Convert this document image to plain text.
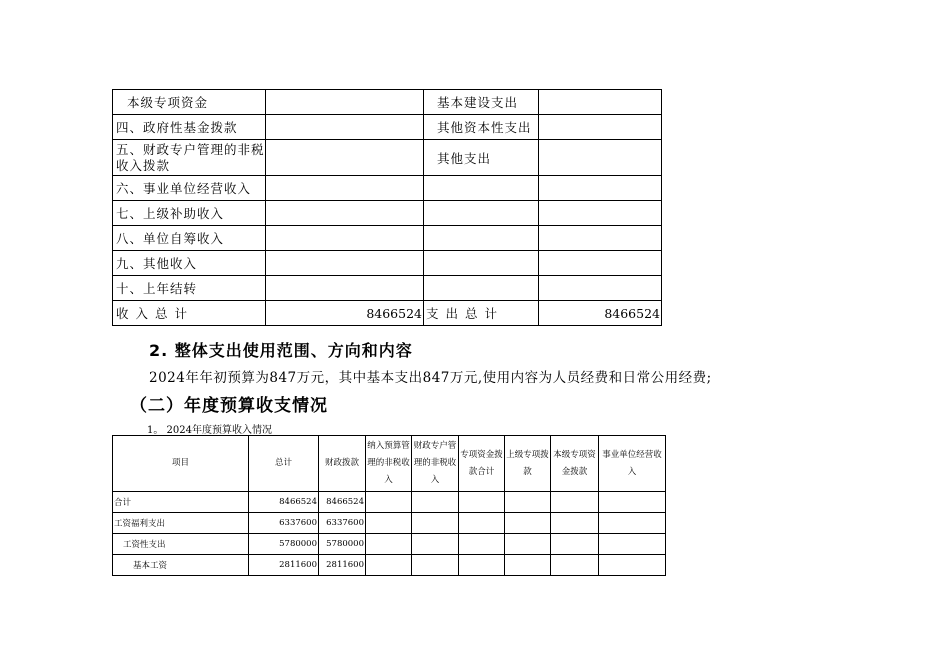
本级专项资金		基本建设支出	
四、政府性基金拨款		其他资本性支出	
五、财政专户管理的非税收入拨款		其他支出	
六、事业单位经营收入			
七、上级补助收入			
八、单位自筹收入			
九、其他收入			
十、上年结转			
收入总计	8466524	支出总计	8466524
2. 整体支出使用范围、方向和内容
2024年年初预算为847万元，其中基本支出847万元,使用内容为人员经费和日常公用经费;
（二）年度预算收支情况
1。 2024年度预算收入情况
项目	总计	财政拨款	纳入预算管理的非税收入	财政专户管理的非税收入	专项资金拨款合计	上级专项拨款	本级专项资金拨款	事业单位经营收入
合计	8466524	8466524						
工资福利支出	6337600	6337600						
工资性支出	5780000	5780000						
基本工资	2811600	2811600						
